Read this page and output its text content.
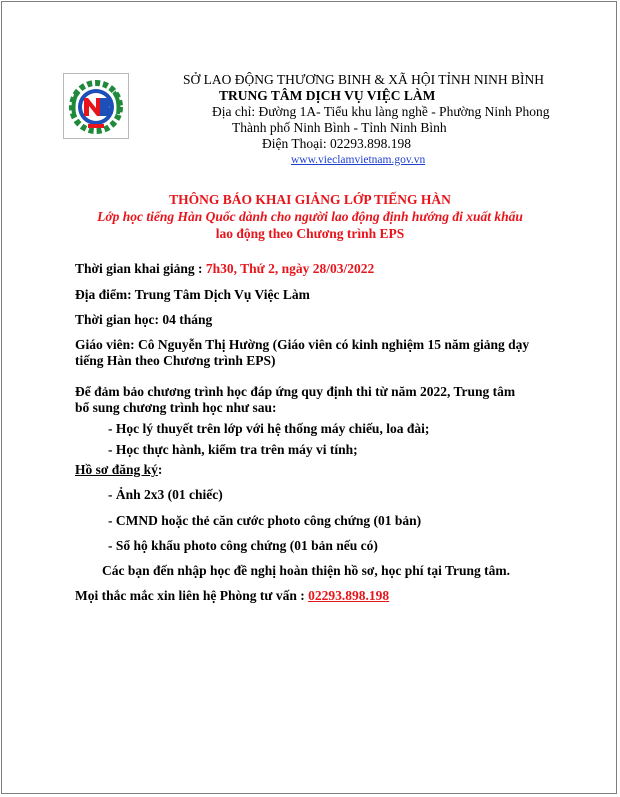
SỞ LAO ĐỘNG THƯƠNG BINH & XÃ HỘI TỈNH NINH BÌNH
TRUNG TÂM DỊCH VỤ VIỆC LÀM
Địa chỉ: Đường 1A- Tiểu khu làng nghề - Phường Ninh Phong
Thành phố Ninh Bình - Tỉnh Ninh Bình
Điện Thoại: 02293.898.198
www.vieclamvietnam.gov.vn
THÔNG BÁO KHAI GIẢNG LỚP TIẾNG HÀN
Lớp học tiếng Hàn Quốc dành cho người lao động định hướng đi xuất khẩu
lao động theo Chương trình EPS
Thời gian khai giảng : 7h30, Thứ 2, ngày 28/03/2022
Địa điểm: Trung Tâm Dịch Vụ Việc Làm
Thời gian học: 04 tháng
Giáo viên: Cô Nguyễn Thị Hường (Giáo viên có kinh nghiệm 15 năm giảng dạy
tiếng Hàn theo Chương trình EPS)
Để đảm bảo chương trình học đáp ứng quy định thi từ năm 2022, Trung tâm
bổ sung chương trình học như sau:
- Học lý thuyết trên lớp với hệ thống máy chiếu, loa đài;
- Học thực hành, kiểm tra trên máy vi tính;
Hồ sơ đăng ký:
- Ảnh 2x3 (01 chiếc)
- CMND hoặc thẻ căn cước photo công chứng (01 bản)
- Sổ hộ khẩu photo công chứng (01 bản nếu có)
Các bạn đến nhập học đề nghị hoàn thiện hồ sơ, học phí tại Trung tâm.
Mọi thắc mắc xin liên hệ Phòng tư vấn : 02293.898.198
